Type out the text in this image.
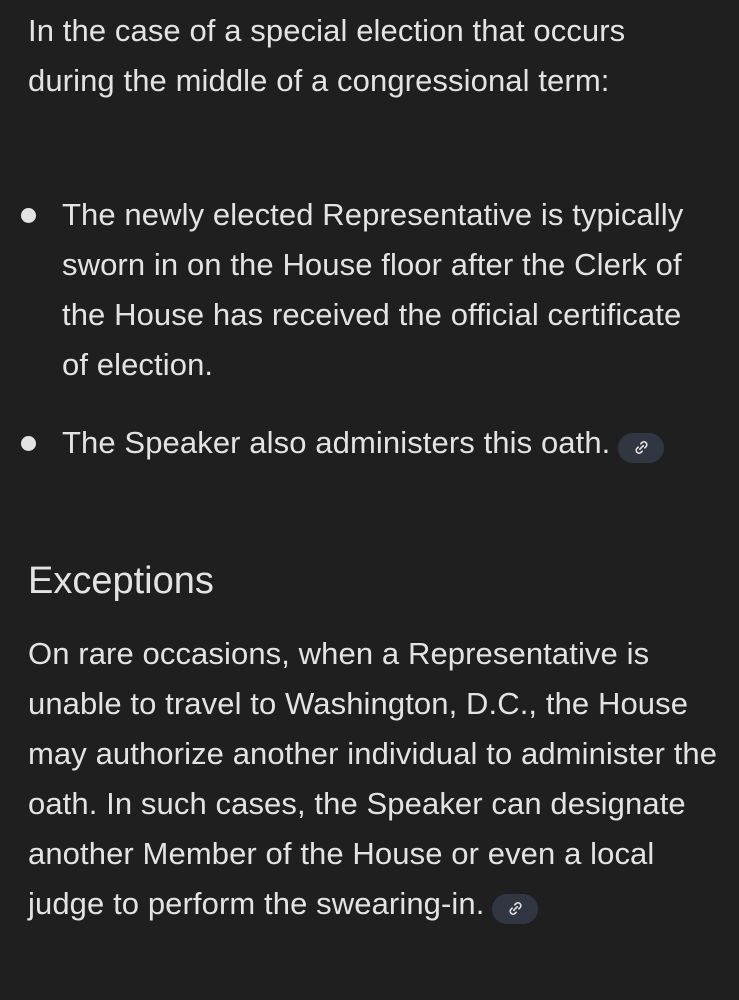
In the case of a special election that occurs during the middle of a congressional term:

The newly elected Representative is typically sworn in on the House floor after the Clerk of the House has received the official certificate of election.
The Speaker also administers this oath.
Exceptions

On rare occasions, when a Representative is unable to travel to Washington, D.C., the House may authorize another individual to administer the oath. In such cases, the Speaker can designate another Member of the House or even a local judge to perform the swearing-in.
